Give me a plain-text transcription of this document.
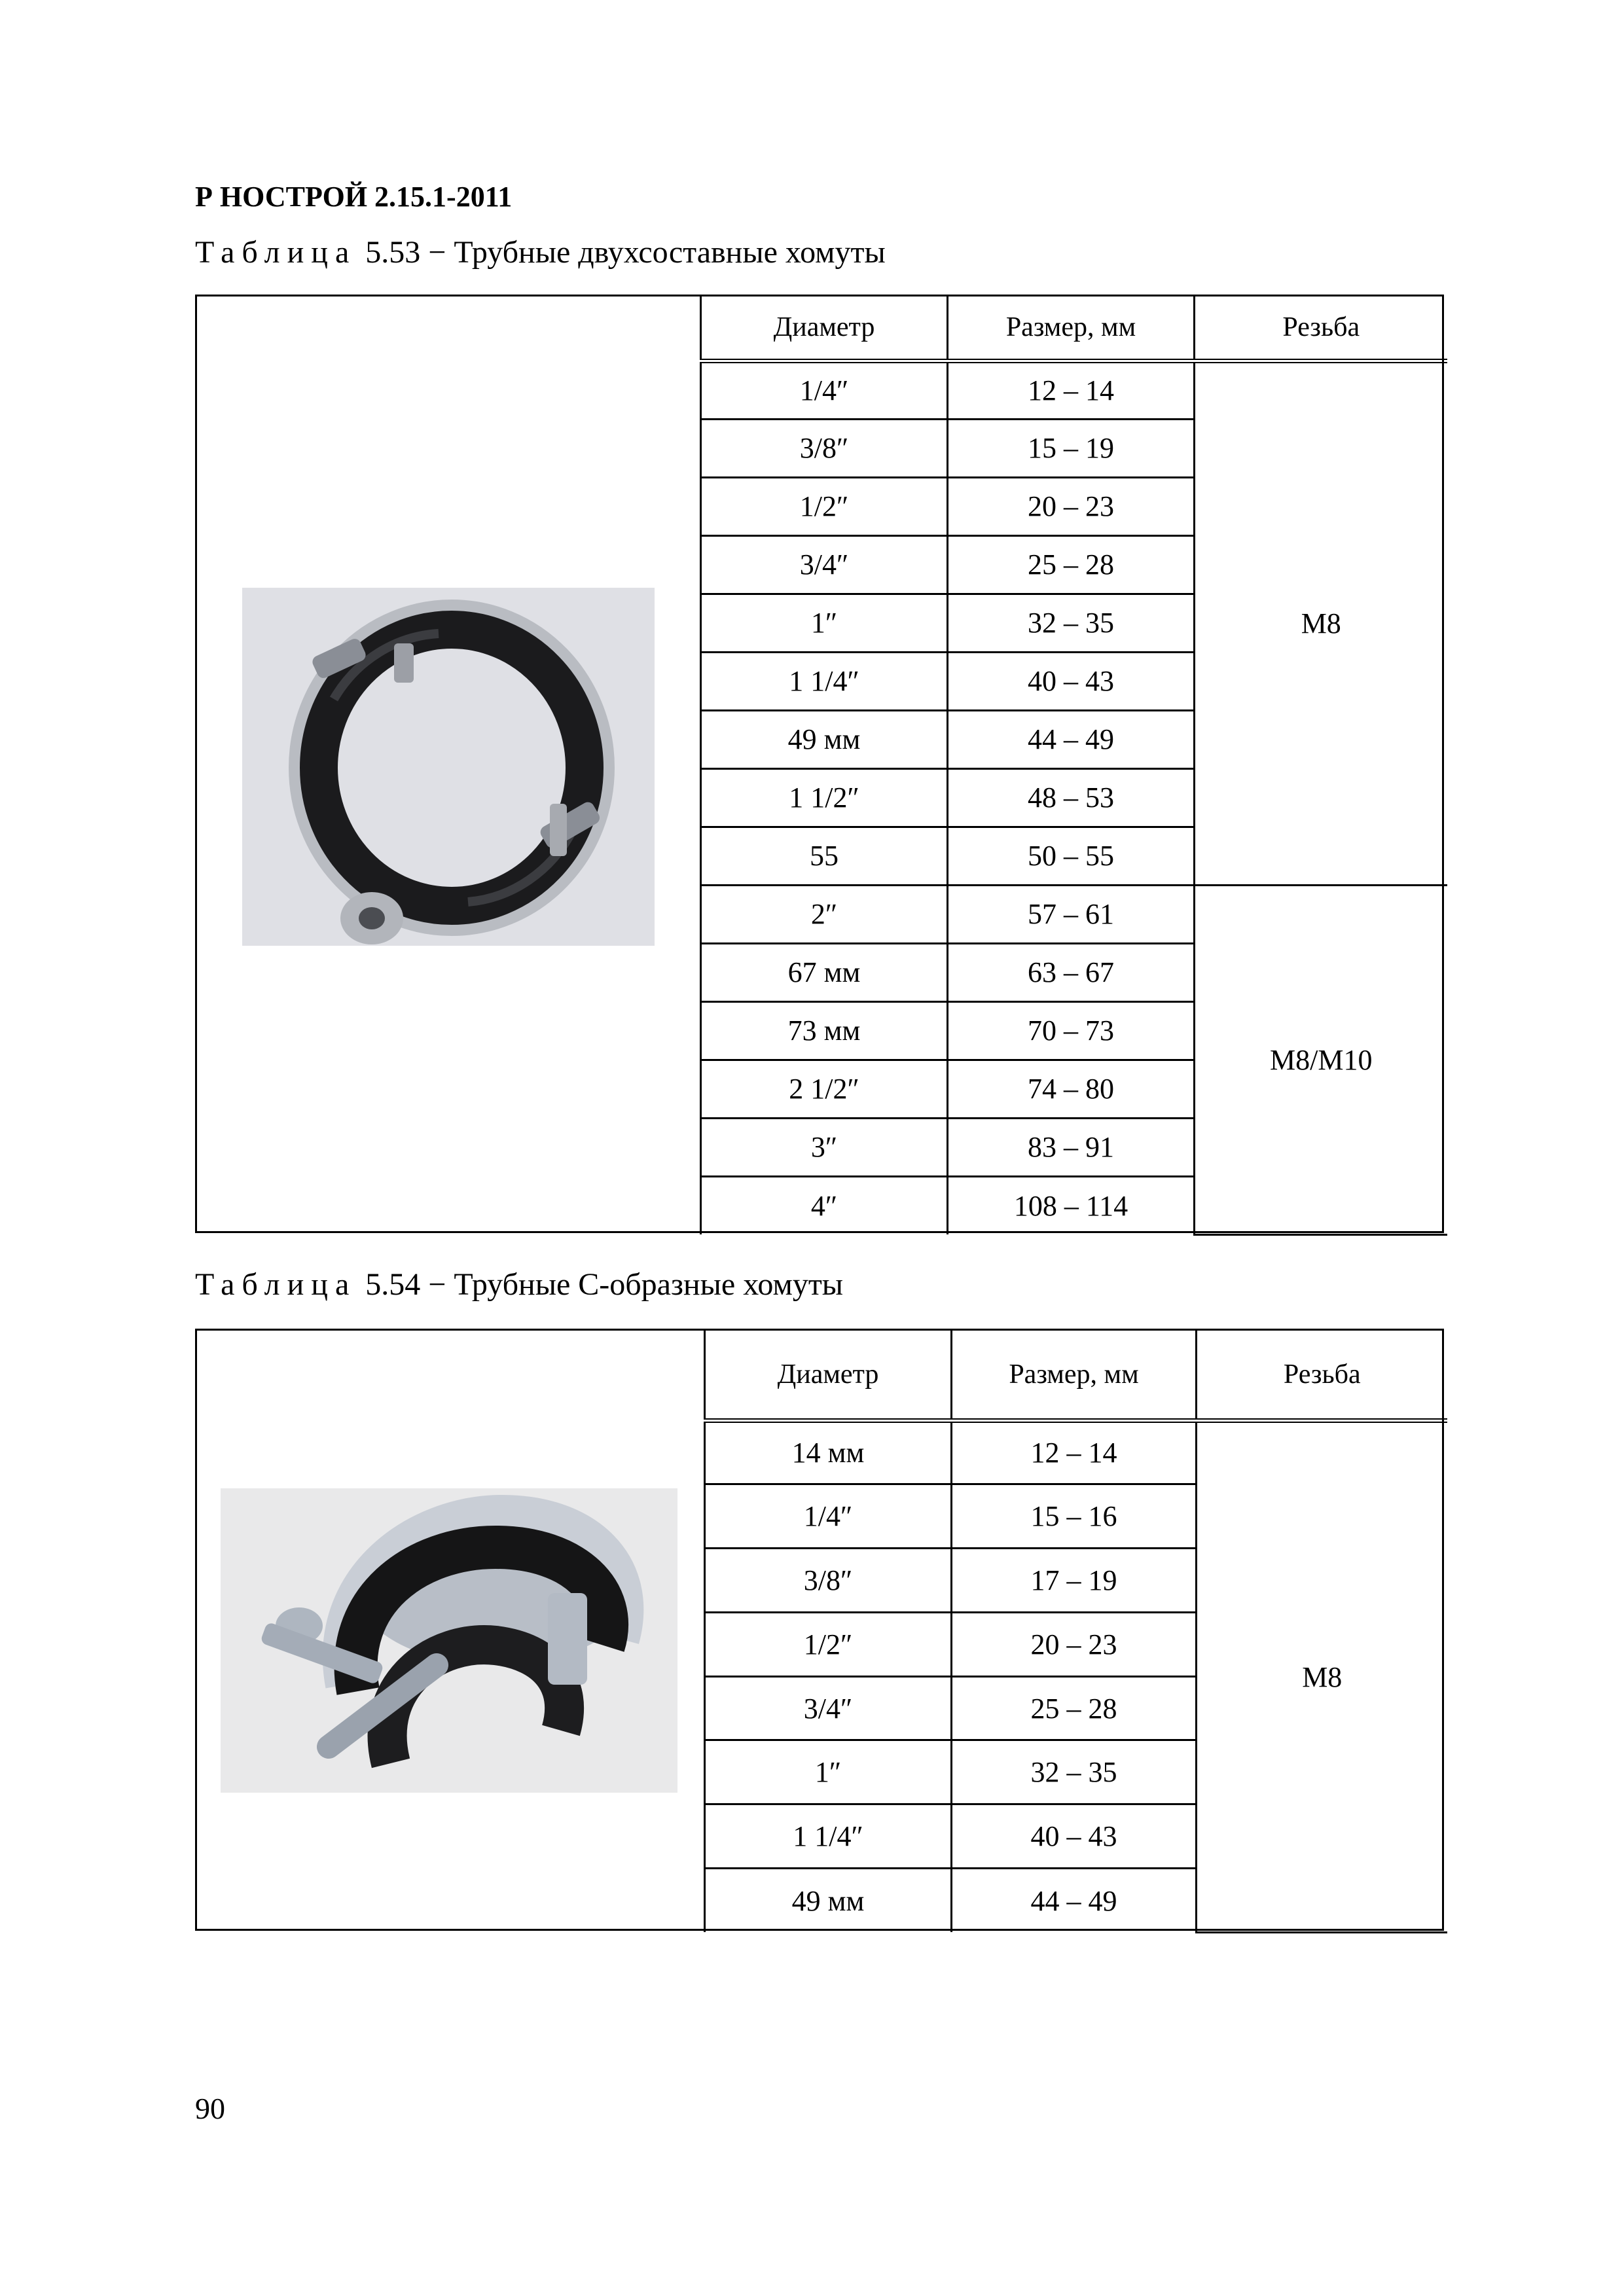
Р НОСТРОЙ 2.15.1-2011
Таблица 5.53 − Трубные двухсоставные хомуты
Диаметр	Размер, мм	Резьба
1/4″	12 – 14	М8
3/8″	15 – 19	
1/2″	20 – 23	
3/4″	25 – 28	
1″	32 – 35	
1 1/4″	40 – 43	
49 мм	44 – 49	
1 1/2″	48 – 53	
55	50 – 55	
2″	57 – 61	М8/М10
67 мм	63 – 67	
73 мм	70 – 73	
2 1/2″	74 – 80	
3″	83 – 91	
4″	108 – 114	
Таблица 5.54 − Трубные С-образные хомуты
Диаметр	Размер, мм	Резьба
14 мм	12 – 14	М8
1/4″	15 – 16	
3/8″	17 – 19	
1/2″	20 – 23	
3/4″	25 – 28	
1″	32 – 35	
1 1/4″	40 – 43	
49 мм	44 – 49	
90
